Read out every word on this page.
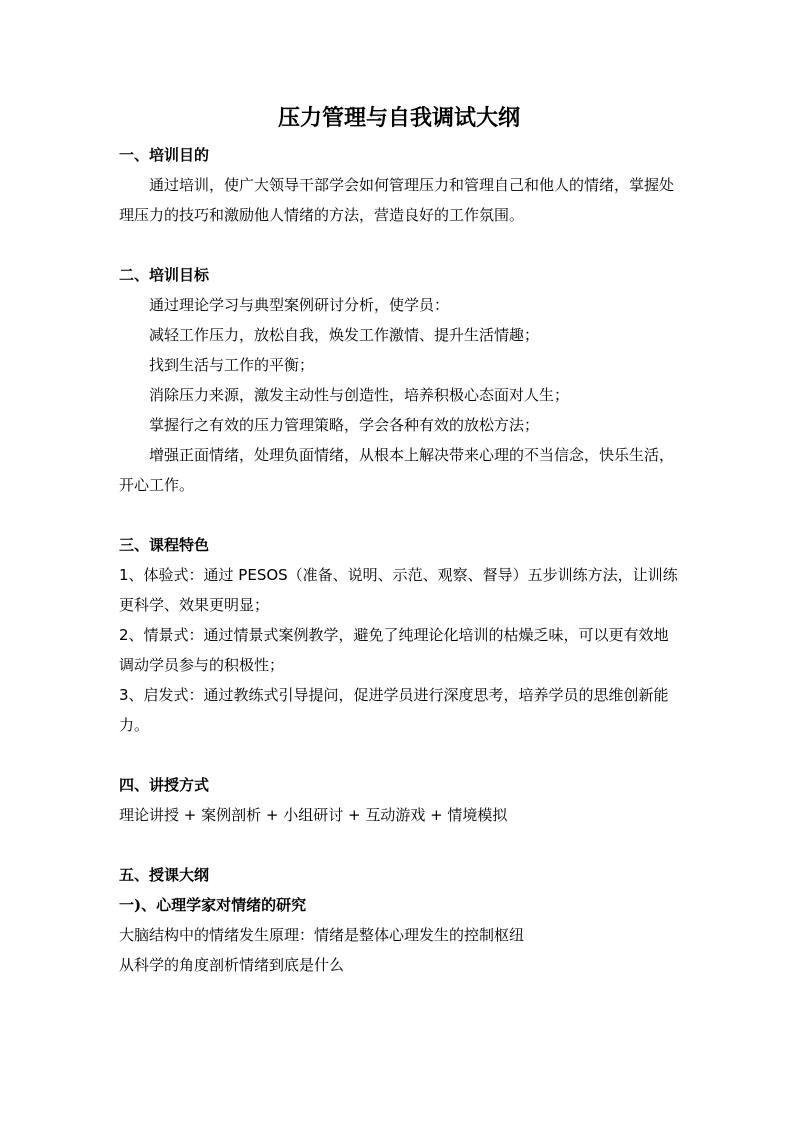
压力管理与自我调试大纲

一、培训目的

通过培训，使广大领导干部学会如何管理压力和管理自己和他人的情绪，掌握处理压力的技巧和激励他人情绪的方法，营造良好的工作氛围。

二、培训目标

通过理论学习与典型案例研讨分析，使学员：

减轻工作压力，放松自我，焕发工作激情、提升生活情趣；

找到生活与工作的平衡；

消除压力来源，激发主动性与创造性，培养积极心态面对人生；

掌握行之有效的压力管理策略，学会各种有效的放松方法；

增强正面情绪，处理负面情绪，从根本上解决带来心理的不当信念，快乐生活，开心工作。

三、课程特色

1、体验式：通过 PESOS（准备、说明、示范、观察、督导）五步训练方法，让训练更科学、效果更明显；

2、情景式：通过情景式案例教学，避免了纯理论化培训的枯燥乏味，可以更有效地调动学员参与的积极性；

3、启发式：通过教练式引导提问，促进学员进行深度思考，培养学员的思维创新能力。

四、讲授方式

理论讲授 + 案例剖析 + 小组研讨 + 互动游戏 + 情境模拟

五、授课大纲

一)、心理学家对情绪的研究

大脑结构中的情绪发生原理：情绪是整体心理发生的控制枢纽

从科学的角度剖析情绪到底是什么
